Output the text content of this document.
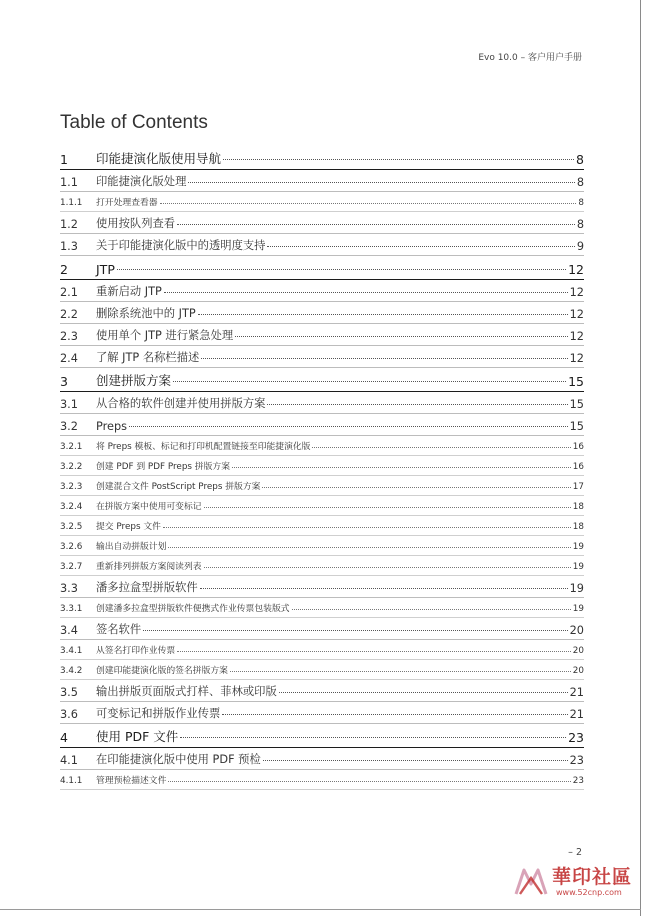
Evo 10.0 – 客户用户手册
Table of Contents
1	印能捷演化版使用导航	8
1.1	印能捷演化版处理	8
1.1.1	打开处理查看器	8
1.2	使用按队列查看	8
1.3	关于印能捷演化版中的透明度支持	9
2	JTP	12
2.1	重新启动 JTP	12
2.2	删除系统池中的 JTP	12
2.3	使用单个 JTP 进行紧急处理	12
2.4	了解 JTP 名称栏描述	12
3	创建拼版方案	15
3.1	从合格的软件创建并使用拼版方案	15
3.2	Preps	15
3.2.1	将 Preps 模板、标记和打印机配置链接至印能捷演化版	16
3.2.2	创建 PDF 到 PDF Preps 拼版方案	16
3.2.3	创建混合文件 PostScript Preps 拼版方案	17
3.2.4	在拼版方案中使用可变标记	18
3.2.5	提交 Preps 文件	18
3.2.6	输出自动拼版计划	19
3.2.7	重新排列拼版方案阅读列表	19
3.3	潘多拉盒型拼版软件	19
3.3.1	创建潘多拉盒型拼版软件便携式作业传票包装版式	19
3.4	签名软件	20
3.4.1	从签名打印作业传票	20
3.4.2	创建印能捷演化版的签名拼版方案	20
3.5	输出拼版页面版式打样、菲林或印版	21
3.6	可变标记和拼版作业传票	21
4	使用 PDF 文件	23
4.1	在印能捷演化版中使用 PDF 预检	23
4.1.1	管理预检描述文件	23
– 2
華印社區
www.52cnp.com
